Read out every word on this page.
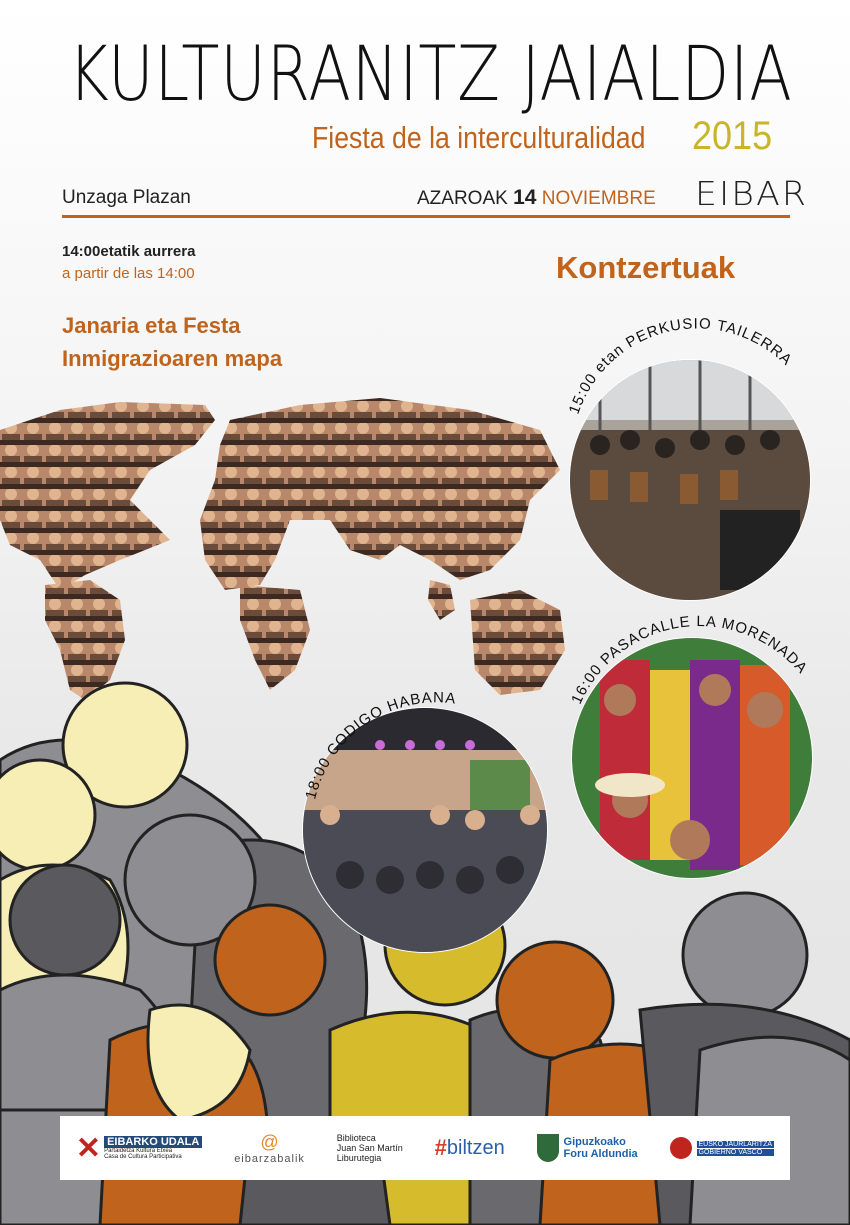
15:00 etan PERKUSIO TAILERRA
16:00 PASACALLE LA MORENADA
18:00 CODIGO HABANA
KULTURANITZ JAIALDIA
Fiesta de la interculturalidad 2015
Unzaga Plazan	AZAROAK 14 NOVIEMBRE EIBAR
14:00etatik aurrera
a partir de las 14:00	Kontzertuak
Janaria eta Festa
Inmigrazioaren mapa
✕ EIBARKO UDALA
Partaidetza Kultura Etxea
Casa de Cultura Participativa
@
eibarzabalik
Biblioteca
Juan San Martín
Liburutegia # biltzen	Gipuzkoako
Foru Aldundia
EUSKO JAURLARITZA
GOBIERNO VASCO
